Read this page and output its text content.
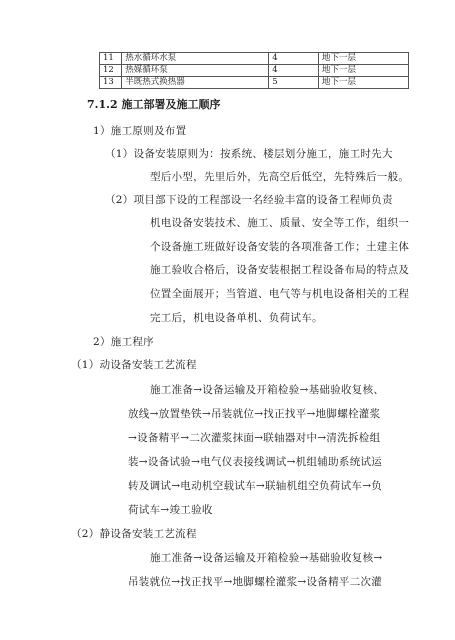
11	热水循环水泵	4	地下一层
12	热媒循环泵	4	地下一层
13	半既热式换热器	5	地下一层
7.1.2 施工部署及施工顺序
1）施工原则及布置
（1）设备安装原则为：按系统、楼层划分施工，施工时先大
型后小型，先里后外，先高空后低空，先特殊后一般。
（2）项目部下设的工程部设一名经验丰富的设备工程师负责
机电设备安装技术、施工、质量、安全等工作，组织一
个设备施工班做好设备安装的各项准备工作；土建主体
施工验收合格后，设备安装根据工程设备布局的特点及
位置全面展开；当管道、电气等与机电设备相关的工程
完工后，机电设备单机、负荷试车。
2）施工程序
（1）动设备安装工艺流程
施工准备→设备运输及开箱检验→基础验收复核、
放线→放置垫铁→吊装就位→找正找平→地脚螺栓灌浆
→设备精平→二次灌浆抹面→联轴器对中→清洗拆检组
装→设备试验→电气仪表接线调试→机组辅助系统试运
转及调试→电动机空载试车→联轴机组空负荷试车→负
荷试车→竣工验收
（2）静设备安装工艺流程
施工准备→设备运输及开箱检验→基础验收复核→
吊装就位→找正找平→地脚螺栓灌浆→设备精平二次灌
